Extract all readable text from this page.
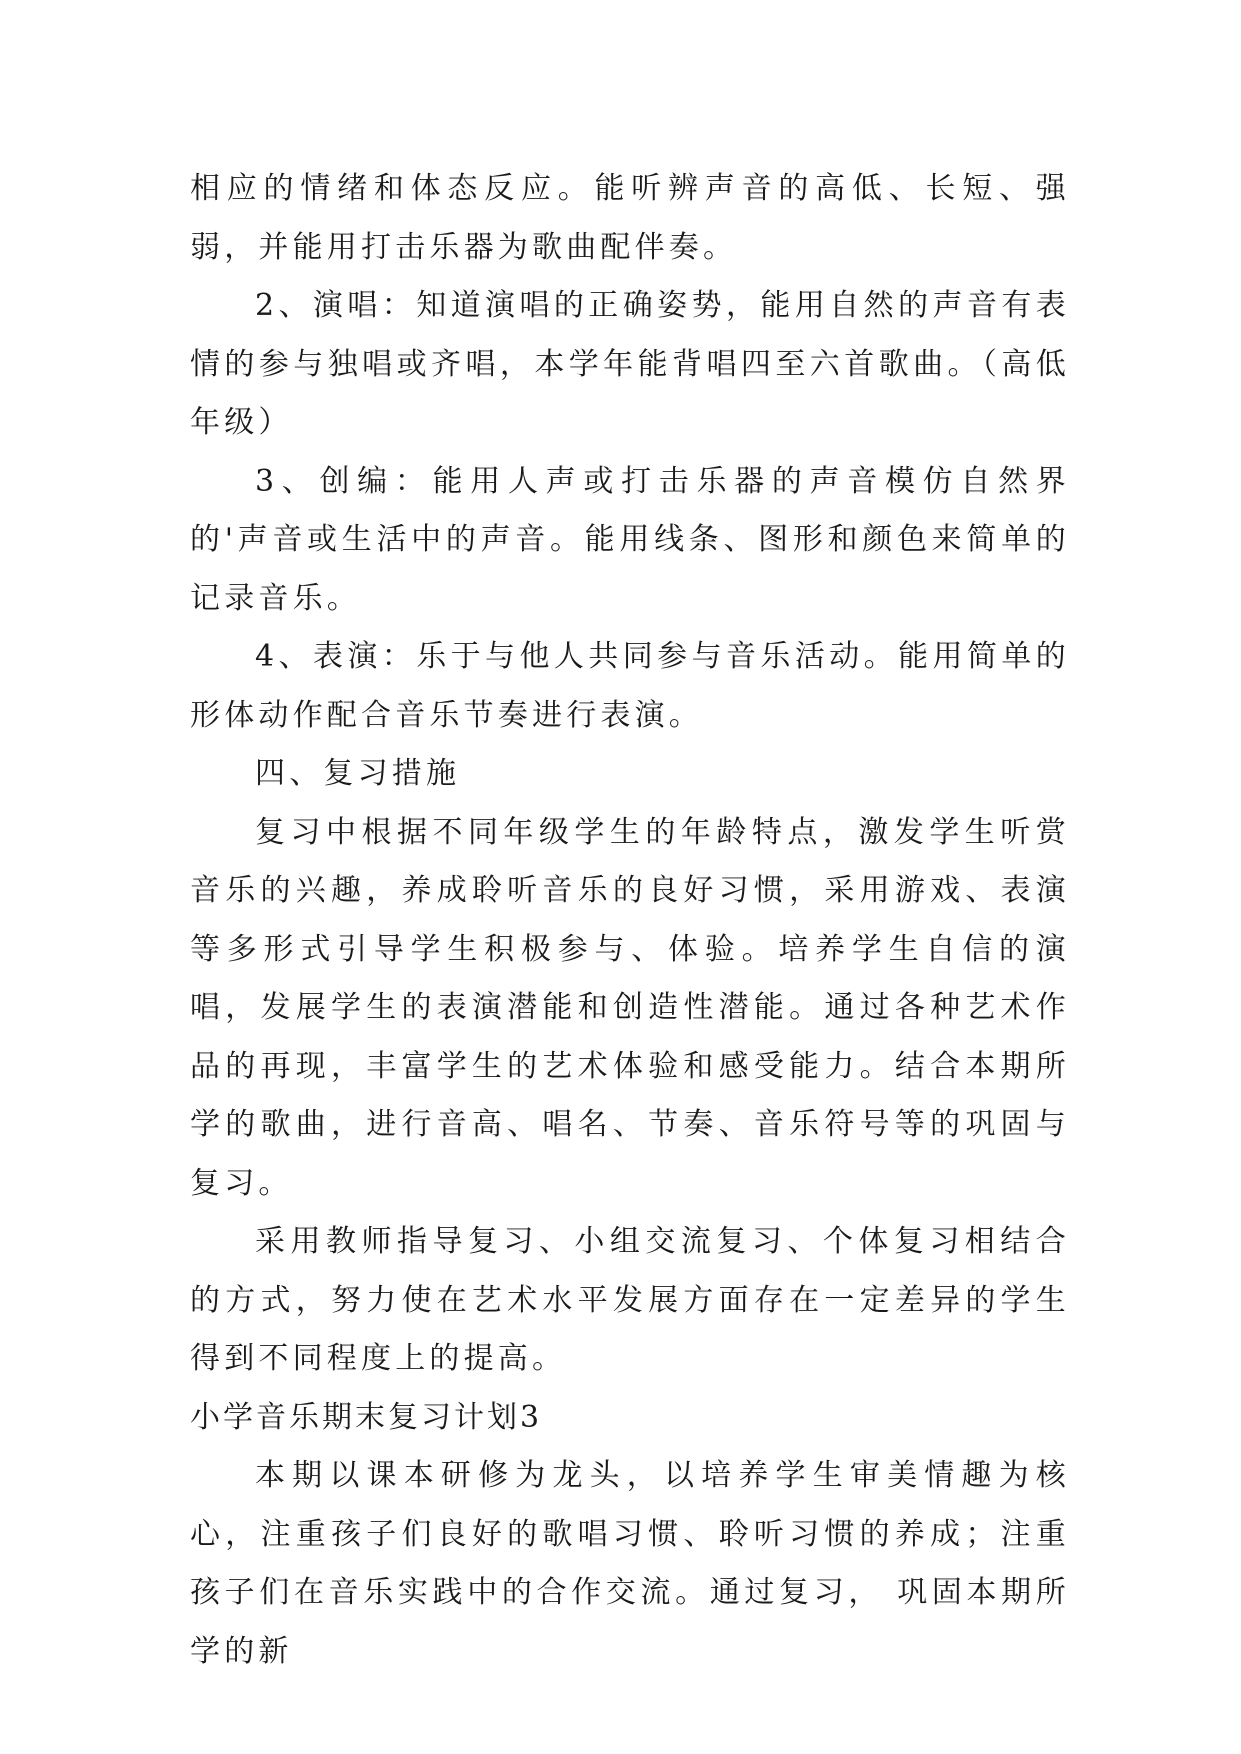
相应的情绪和体态反应。能听辨声音的高低、长短、强弱，并能用打击乐器为歌曲配伴奏。

2、演唱：知道演唱的正确姿势，能用自然的声音有表情的参与独唱或齐唱，本学年能背唱四至六首歌曲。（高低年级）

3、创编：能用人声或打击乐器的声音模仿自然界的'声音或生活中的声音。能用线条、图形和颜色来简单的记录音乐。

4、表演：乐于与他人共同参与音乐活动。能用简单的形体动作配合音乐节奏进行表演。

四、复习措施

复习中根据不同年级学生的年龄特点，激发学生听赏音乐的兴趣，养成聆听音乐的良好习惯，采用游戏、表演等多形式引导学生积极参与、体验。培养学生自信的演唱，发展学生的表演潜能和创造性潜能。通过各种艺术作品的再现，丰富学生的艺术体验和感受能力。结合本期所学的歌曲，进行音高、唱名、节奏、音乐符号等的巩固与复习。

采用教师指导复习、小组交流复习、个体复习相结合的方式，努力使在艺术水平发展方面存在一定差异的学生得到不同程度上的提高。

小学音乐期末复习计划3

本期以课本研修为龙头，以培养学生审美情趣为核心，注重孩子们良好的歌唱习惯、聆听习惯的养成；注重孩子们在音乐实践中的合作交流。通过复习， 巩固本期所学的新
